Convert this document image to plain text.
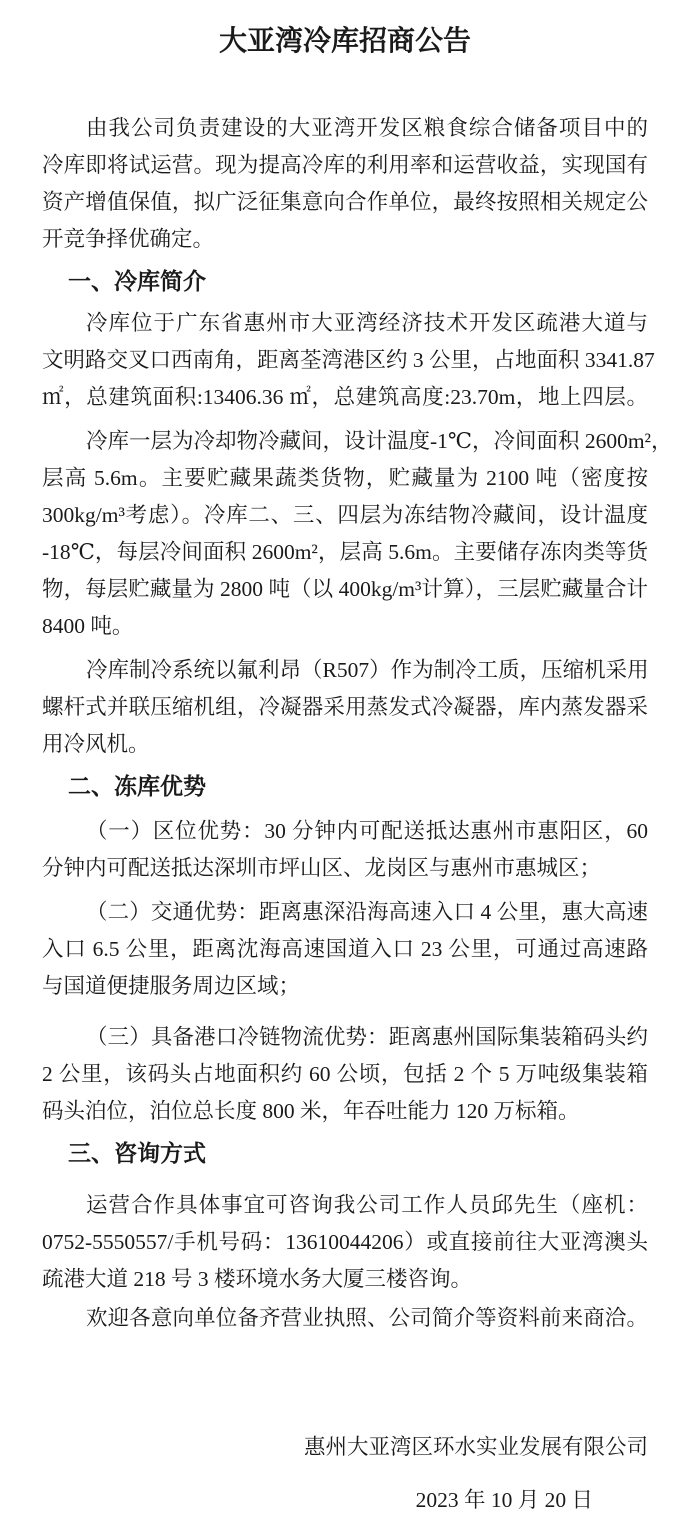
大亚湾冷库招商公告

由我公司负责建设的大亚湾开发区粮食综合储备项目中的
冷库即将试运营。现为提高冷库的利用率和运营收益，实现国有
资产增值保值，拟广泛征集意向合作单位，最终按照相关规定公
开竞争择优确定。

一、冷库简介

冷库位于广东省惠州市大亚湾经济技术开发区疏港大道与
文明路交叉口西南角，距离荃湾港区约 3 公里，占地面积 3341.87
㎡，总建筑面积:13406.36 ㎡，总建筑高度:23.70m，地上四层。

冷库一层为冷却物冷藏间，设计温度-1℃，冷间面积 2600m²，
层高 5.6m。主要贮藏果蔬类货物，贮藏量为 2100 吨（密度按
300kg/m³考虑）。冷库二、三、四层为冻结物冷藏间，设计温度
-18℃，每层冷间面积 2600m²，层高 5.6m。主要储存冻肉类等货
物，每层贮藏量为 2800 吨（以 400kg/m³计算），三层贮藏量合计
8400 吨。

冷库制冷系统以氟利昂（R507）作为制冷工质，压缩机采用
螺杆式并联压缩机组，冷凝器采用蒸发式冷凝器，库内蒸发器采
用冷风机。

二、冻库优势

（一）区位优势：30 分钟内可配送抵达惠州市惠阳区，60
分钟内可配送抵达深圳市坪山区、龙岗区与惠州市惠城区；

（二）交通优势：距离惠深沿海高速入口 4 公里，惠大高速
入口 6.5 公里，距离沈海高速国道入口 23 公里，可通过高速路
与国道便捷服务周边区域；

（三）具备港口冷链物流优势：距离惠州国际集装箱码头约
2 公里，该码头占地面积约 60 公顷，包括 2 个 5 万吨级集装箱
码头泊位，泊位总长度 800 米，年吞吐能力 120 万标箱。

三、咨询方式

运营合作具体事宜可咨询我公司工作人员邱先生（座机：
0752-5550557/手机号码：13610044206）或直接前往大亚湾澳头
疏港大道 218 号 3 楼环境水务大厦三楼咨询。

欢迎各意向单位备齐营业执照、公司简介等资料前来商洽。

惠州大亚湾区环水实业发展有限公司
2023 年 10 月 20 日
